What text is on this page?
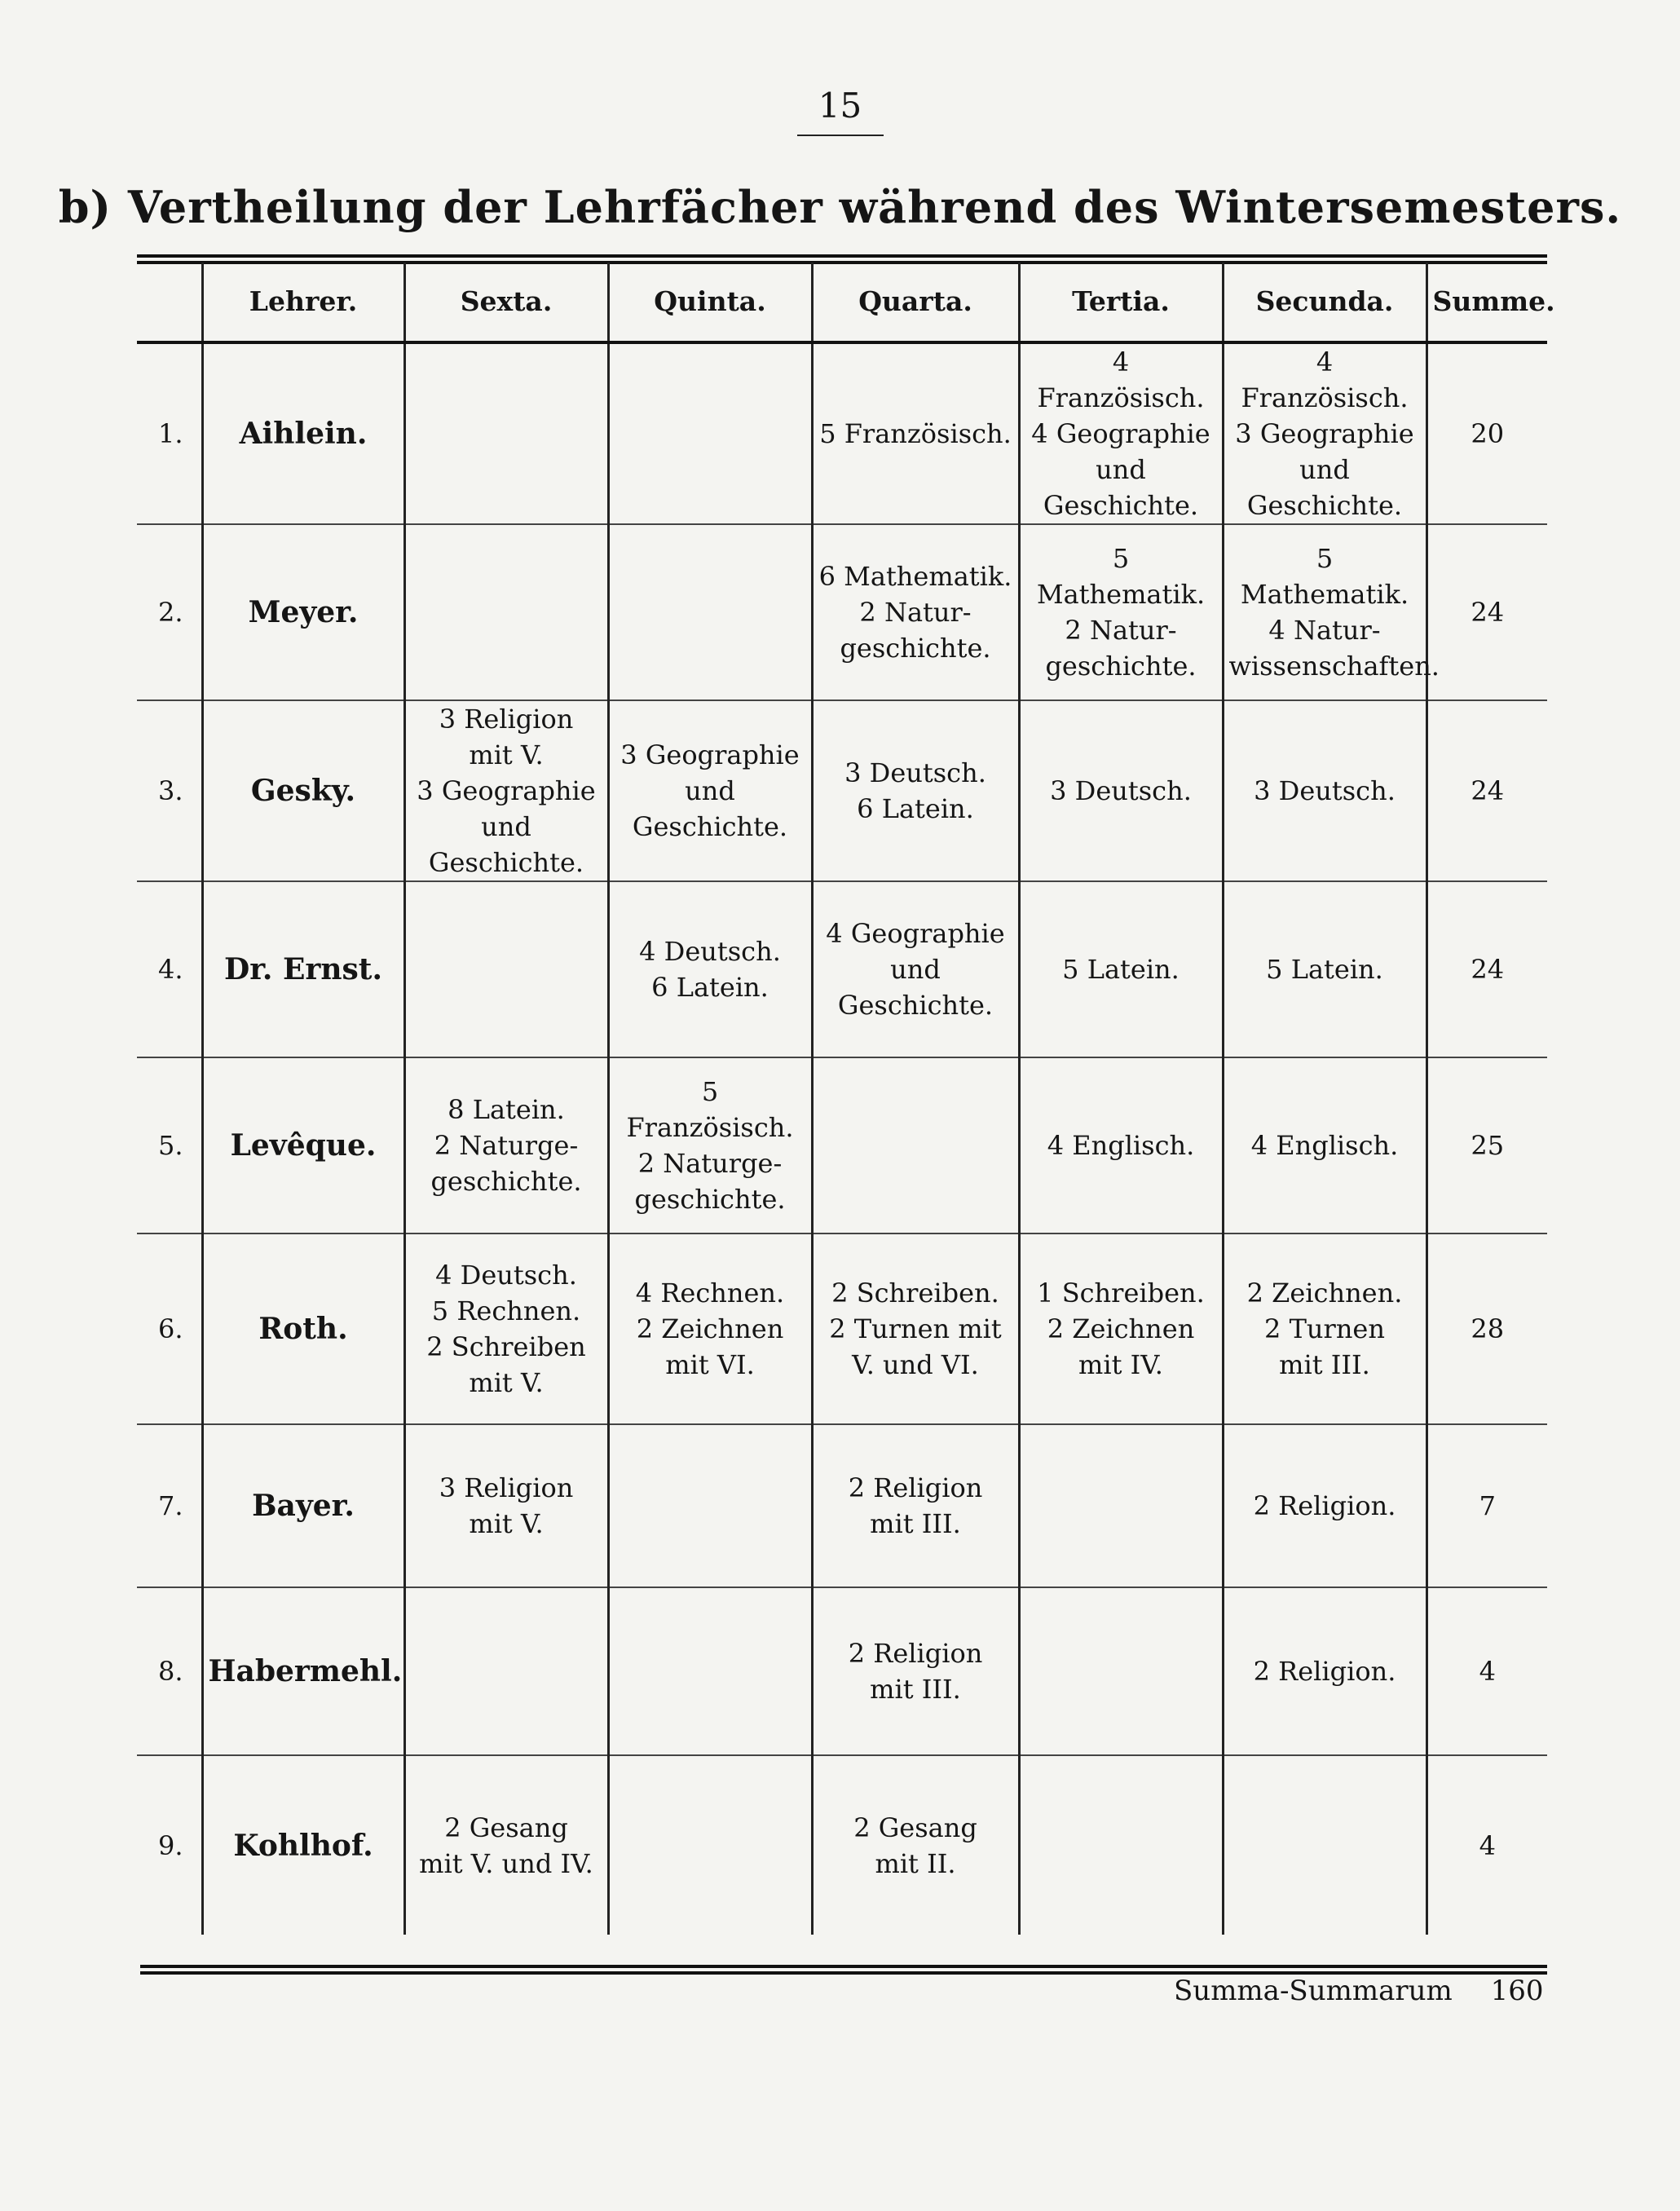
15
b) Vertheilung der Lehrfächer während des Wintersemesters.
	Lehrer.	Sexta.	Quinta.	Quarta.	Tertia.	Secunda.	Summe.
1.	Aihlein.			5 Französisch.	4 Französisch.
4 Geographie
und Geschichte.	4 Französisch.
3 Geographie
und Geschichte.	20
2.	Meyer.			6 Mathematik.
2 Natur-
geschichte.	5 Mathematik.
2 Natur-
geschichte.	5 Mathematik.
4 Natur-
wissenschaften.	24
3.	Gesky.	3 Religion
mit V.
3 Geographie
und Geschichte.	3 Geographie
und Geschichte.	3 Deutsch.
6 Latein.	3 Deutsch.	3 Deutsch.	24
4.	Dr. Ernst.		4 Deutsch.
6 Latein.	4 Geographie
und Geschichte.	5 Latein.	5 Latein.	24
5.	Levêque.	8 Latein.
2 Naturge-
geschichte.	5 Französisch.
2 Naturge-
geschichte.		4 Englisch.	4 Englisch.	25
6.	Roth.	4 Deutsch.
5 Rechnen.
2 Schreiben
mit V.	4 Rechnen.
2 Zeichnen
mit VI.	2 Schreiben.
2 Turnen mit
V. und VI.	1 Schreiben.
2 Zeichnen
mit IV.	2 Zeichnen.
2 Turnen
mit III.	28
7.	Bayer.	3 Religion
mit V.		2 Religion
mit III.		2 Religion.	7
8.	Habermehl.			2 Religion
mit III.		2 Religion.	4
9.	Kohlhof.	2 Gesang
mit V. und IV.		2 Gesang
mit II.			4
Summa-Summarum 160
